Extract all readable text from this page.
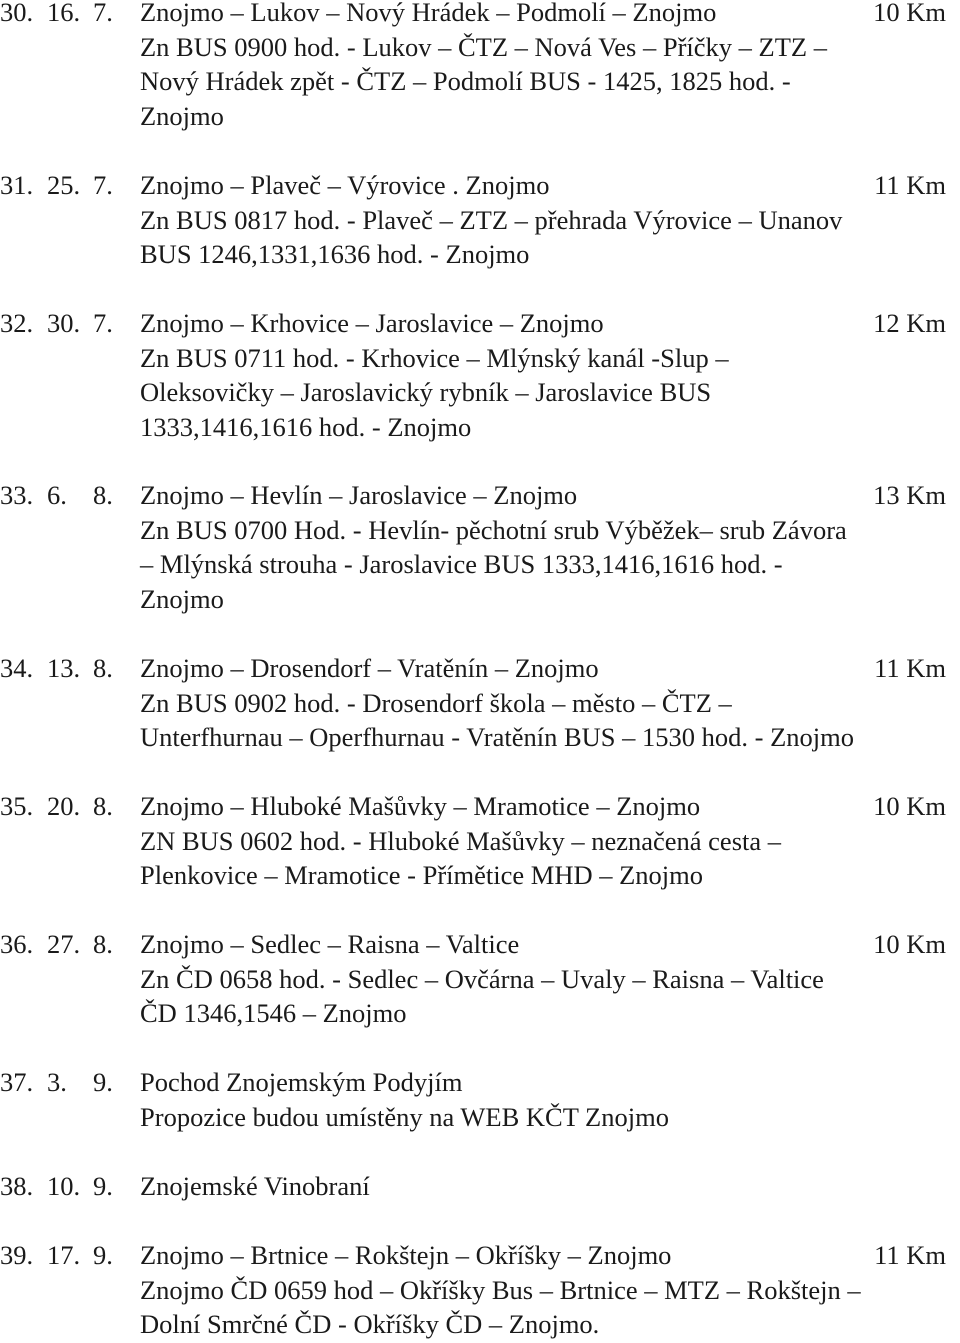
30. 16. 7. Znojmo – Lukov – Nový Hrádek – Podmolí – Znojmo	10 Km
Zn BUS 0900 hod. - Lukov – ČTZ – Nová Ves – Příčky – ZTZ –
Nový Hrádek zpět - ČTZ – Podmolí BUS - 1425, 1825 hod. -
Znojmo
31. 25. 7. Znojmo – Plaveč – Výrovice . Znojmo	11 Km
Zn BUS 0817 hod. - Plaveč – ZTZ – přehrada Výrovice – Unanov
BUS 1246,1331,1636 hod. - Znojmo
32. 30. 7. Znojmo – Krhovice – Jaroslavice – Znojmo	12 Km
Zn BUS 0711 hod. - Krhovice – Mlýnský kanál -Slup –
Oleksovičky – Jaroslavický rybník – Jaroslavice BUS
1333,1416,1616 hod. - Znojmo
33. 6. 8. Znojmo – Hevlín – Jaroslavice – Znojmo	13 Km
Zn BUS 0700 Hod. - Hevlín- pěchotní srub Výběžek– srub Závora
– Mlýnská strouha - Jaroslavice BUS 1333,1416,1616 hod. -
Znojmo
34. 13. 8. Znojmo – Drosendorf – Vratěnín – Znojmo	11 Km
Zn BUS 0902 hod. - Drosendorf škola – město – ČTZ –
Unterfhurnau – Operfhurnau - Vratěnín BUS – 1530 hod. - Znojmo
35. 20. 8. Znojmo – Hluboké Mašůvky – Mramotice – Znojmo	10 Km
ZN BUS 0602 hod. - Hluboké Mašůvky – neznačená cesta –
Plenkovice – Mramotice - Přímětice MHD – Znojmo
36. 27. 8. Znojmo – Sedlec – Raisna – Valtice	10 Km
Zn ČD 0658 hod. - Sedlec – Ovčárna – Uvaly – Raisna – Valtice
ČD 1346,1546 – Znojmo
37. 3. 9. Pochod Znojemským Podyjím
Propozice budou umístěny na WEB KČT Znojmo
38. 10. 9. Znojemské Vinobraní
39. 17. 9. Znojmo – Brtnice – Rokštejn – Okříšky – Znojmo	11 Km
Znojmo ČD 0659 hod – Okříšky Bus – Brtnice – MTZ – Rokštejn –
Dolní Smrčné ČD - Okříšky ČD – Znojmo.
